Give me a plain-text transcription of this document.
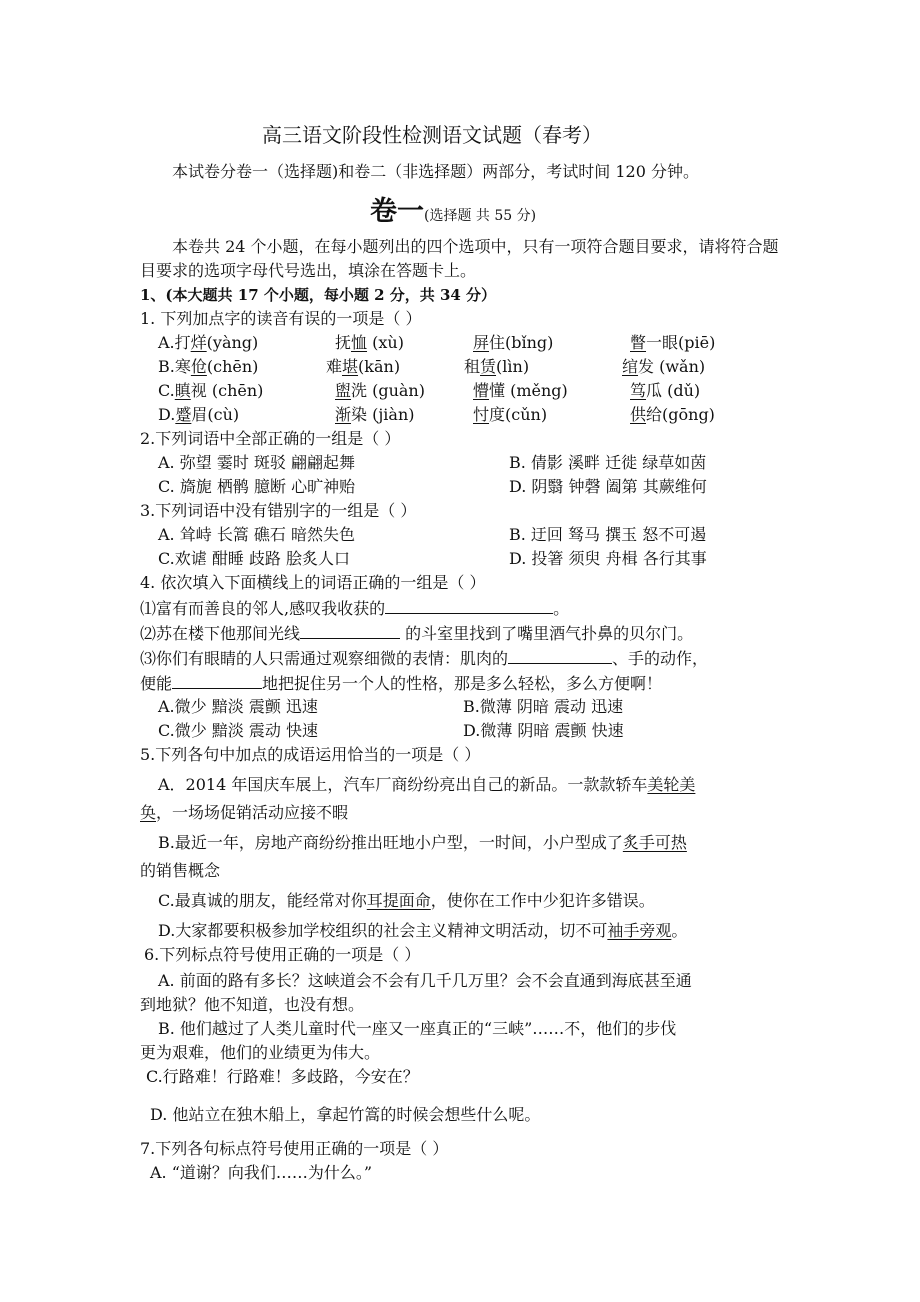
高三语文阶段性检测语文试题（春考）
本试卷分卷一（选择题)和卷二（非选择题）两部分，考试时间 120 分钟。
卷一(选择题 共 55 分)
本卷共 24 个小题，在每小题列出的四个选项中，只有一项符合题目要求，请将符合题
目要求的选项字母代号选出，填涂在答题卡上。
1、(本大题共 17 个小题，每小题 2 分，共 34 分）
1. 下列加点字的读音有误的一项是（ ）
A.打烊(yàng)	抚恤 (xù)	屏住(bǐng)	瞥一眼(piē)
B.寒伧(chēn)	难堪(kān)	租赁(lìn)	绾发 (wǎn)
C.瞋视 (chēn)	盥洗 (guàn)	懵懂 (měng)	笃瓜 (dǔ)
D.蹙眉(cù)	渐染 (jiàn)	忖度(cǔn)	供给(gōng)
2.下列词语中全部正确的一组是（ ）
A. 弥望 霎时 斑驳 翩翩起舞	B. 倩影 溪畔 迁徙 绿草如茵
C. 旖旎 栖鹘 臆断 心旷神贻	D. 阴翳 钟磬 阖第 其蕨维何
3.下列词语中没有错别字的一组是（ ）
A. 耸峙 长篙 礁石 暗然失色	B. 迂回 驽马 撰玉 怒不可遏
C.欢谑 酣睡 歧路 脍炙人口	D. 投箸 须臾 舟楫 各行其事
4. 依次填入下面横线上的词语正确的一组是（ ）
⑴富有而善良的邻人,感叹我收获的	。
⑵苏在楼下他那间光线	的斗室里找到了嘴里酒气扑鼻的贝尔门。
⑶你们有眼睛的人只需通过观察细微的表情：肌肉的	、手的动作，
便能	地把捉住另一个人的性格，那是多么轻松，多么方便啊！
A.微少 黯淡 震颤 迅速	B.微薄 阴暗 震动 迅速
C.微少 黯淡 震动 快速	D.微薄 阴暗 震颤 快速
5.下列各句中加点的成语运用恰当的一项是（ ）
A．2014 年国庆车展上，汽车厂商纷纷亮出自己的新品。一款款轿车美轮美
奂，一场场促销活动应接不暇
B.最近一年，房地产商纷纷推出旺地小户型，一时间，小户型成了炙手可热
的销售概念
C.最真诚的朋友，能经常对你耳提面命，使你在工作中少犯许多错误。
D.大家都要积极参加学校组织的社会主义精神文明活动，切不可袖手旁观。
6.下列标点符号使用正确的一项是（ ）
A. 前面的路有多长？这峡道会不会有几千几万里？会不会直通到海底甚至通
到地狱？他不知道，也没有想。
B. 他们越过了人类儿童时代一座又一座真正的“三峡”……不，他们的步伐
更为艰难，他们的业绩更为伟大。
C.行路难！行路难！多歧路，今安在？
D. 他站立在独木船上，拿起竹篙的时候会想些什么呢。
7.下列各句标点符号使用正确的一项是（ ）
A. “道谢？向我们……为什么。”
